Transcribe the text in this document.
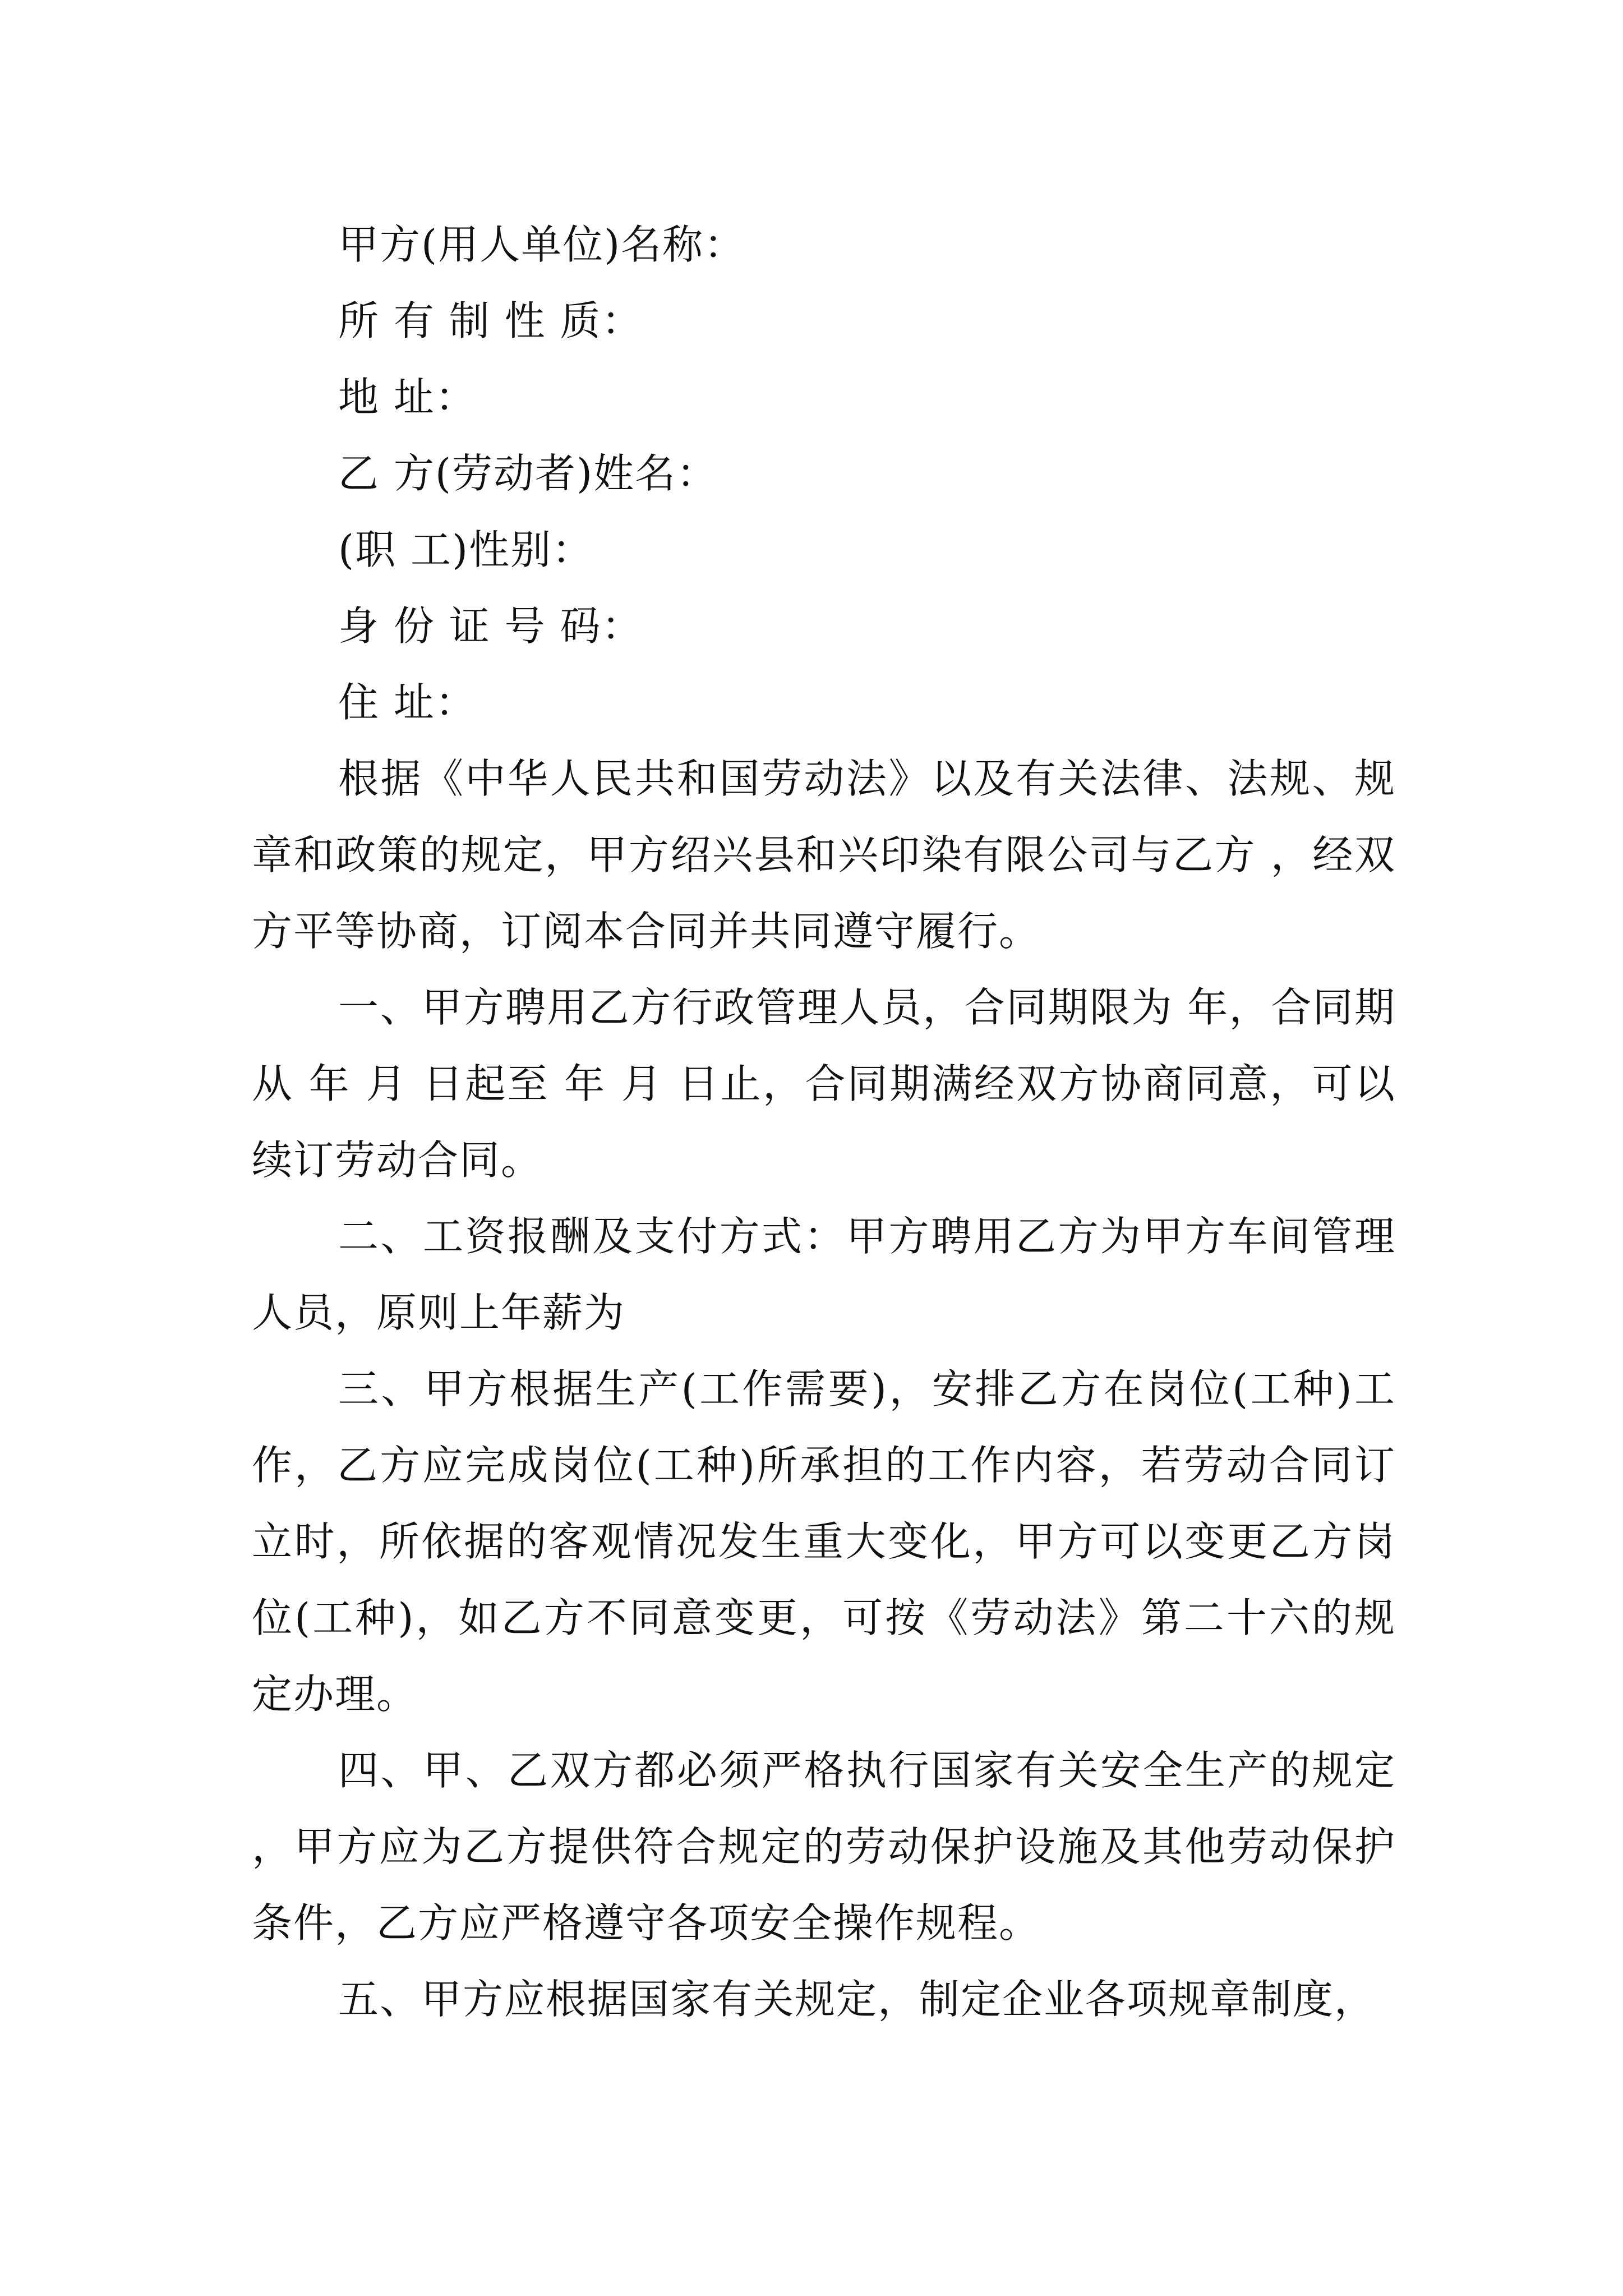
甲方(用人单位)名称：

所 有 制 性 质：

地 址：

乙 方(劳动者)姓名：

(职 工)性别：

身 份 证 号 码：

住 址：

根据《中华人民共和国劳动法》以及有关法律、法规、规章和政策的规定，甲方绍兴县和兴印染有限公司与乙方 ，经双方平等协商，订阅本合同并共同遵守履行。

一、甲方聘用乙方行政管理人员，合同期限为 年，合同期从 年 月 日起至 年 月 日止，合同期满经双方协商同意，可以续订劳动合同。

二、工资报酬及支付方式：甲方聘用乙方为甲方车间管理人员，原则上年薪为

三、甲方根据生产(工作需要)，安排乙方在岗位(工种)工作，乙方应完成岗位(工种)所承担的工作内容，若劳动合同订立时，所依据的客观情况发生重大变化，甲方可以变更乙方岗位(工种)，如乙方不同意变更，可按《劳动法》第二十六的规定办理。

四、甲、乙双方都必须严格执行国家有关安全生产的规定，甲方应为乙方提供符合规定的劳动保护设施及其他劳动保护条件，乙方应严格遵守各项安全操作规程。

五、甲方应根据国家有关规定，制定企业各项规章制度，
